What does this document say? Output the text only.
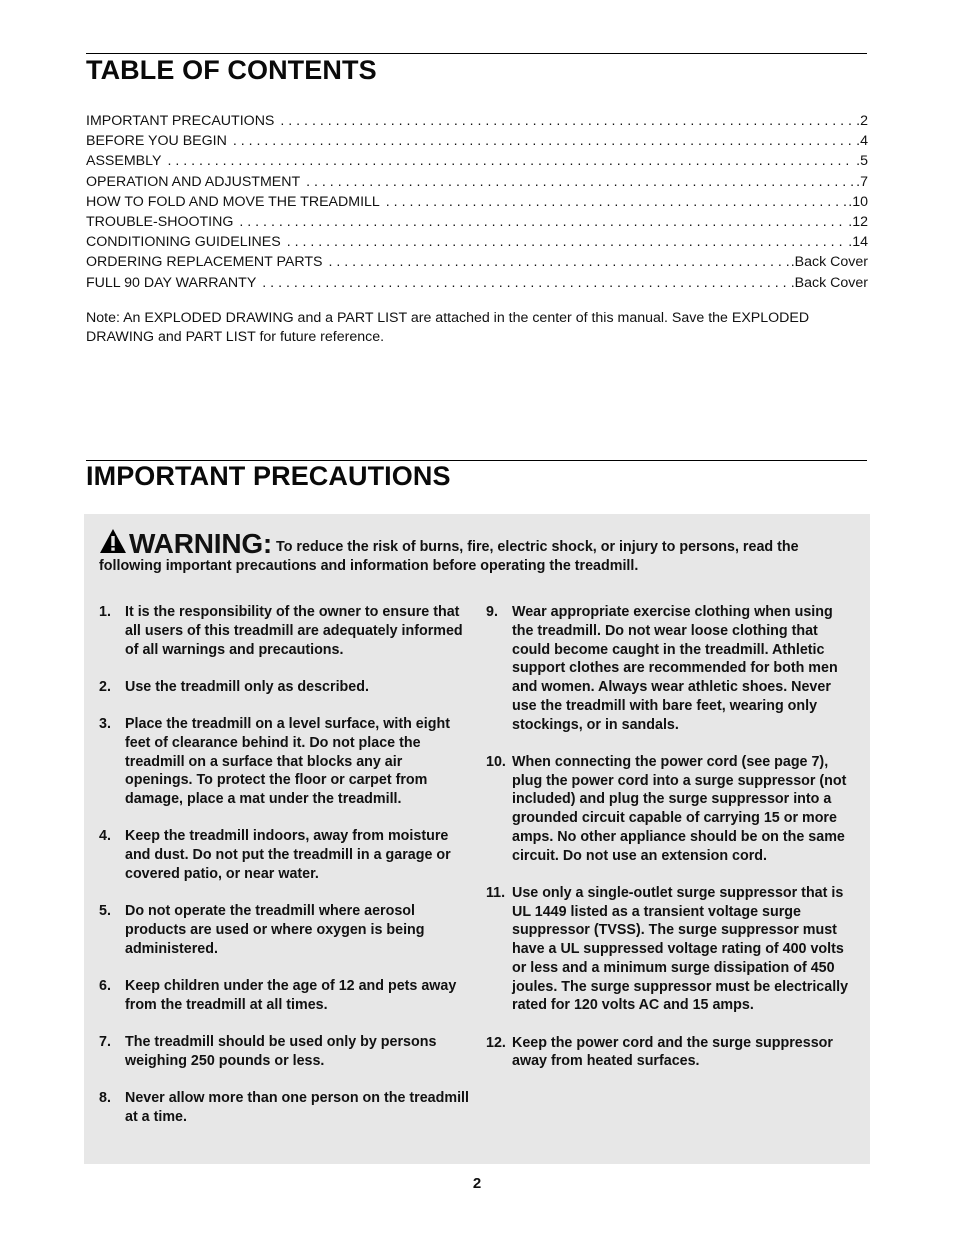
TABLE OF CONTENTS
IMPORTANT PRECAUTIONS . . .	.2
BEFORE YOU BEGIN . . .	.4
ASSEMBLY . . .	.5
OPERATION AND ADJUSTMENT . . .	.7
HOW TO FOLD AND MOVE THE TREADMILL . . .	.10
TROUBLE-SHOOTING . . .	.12
CONDITIONING GUIDELINES . . .	.14
ORDERING REPLACEMENT PARTS . . .	.Back Cover
FULL 90 DAY WARRANTY . . .	.Back Cover

Note: An EXPLODED DRAWING and a PART LIST are attached in the center of this manual. Save the EXPLODED DRAWING and PART LIST for future reference.

IMPORTANT PRECAUTIONS
WARNING: To reduce the risk of burns, fire, electric shock, or injury to persons, read the following important precautions and information before operating the treadmill.
1. It is the responsibility of the owner to ensure that all users of this treadmill are adequately informed of all warnings and precautions.
2. Use the treadmill only as described.
3. Place the treadmill on a level surface, with eight feet of clearance behind it. Do not place the treadmill on a surface that blocks any air openings. To protect the floor or carpet from damage, place a mat under the treadmill.
4. Keep the treadmill indoors, away from moisture and dust. Do not put the treadmill in a garage or covered patio, or near water.
5. Do not operate the treadmill where aerosol products are used or where oxygen is being administered.
6. Keep children under the age of 12 and pets away from the treadmill at all times.
7. The treadmill should be used only by persons weighing 250 pounds or less.
8. Never allow more than one person on the treadmill at a time.
9. Wear appropriate exercise clothing when using the treadmill. Do not wear loose clothing that could become caught in the treadmill. Athletic support clothes are recommended for both men and women. Always wear athletic shoes. Never use the treadmill with bare feet, wearing only stockings, or in sandals.
10. When connecting the power cord (see page 7), plug the power cord into a surge suppressor (not included) and plug the surge suppressor into a grounded circuit capable of carrying 15 or more amps. No other appliance should be on the same circuit. Do not use an extension cord.
11. Use only a single-outlet surge suppressor that is UL 1449 listed as a transient voltage surge suppressor (TVSS). The surge suppressor must have a UL suppressed voltage rating of 400 volts or less and a minimum surge dissipation of 450 joules. The surge suppressor must be electrically rated for 120 volts AC and 15 amps.
12. Keep the power cord and the surge suppressor away from heated surfaces.
2
